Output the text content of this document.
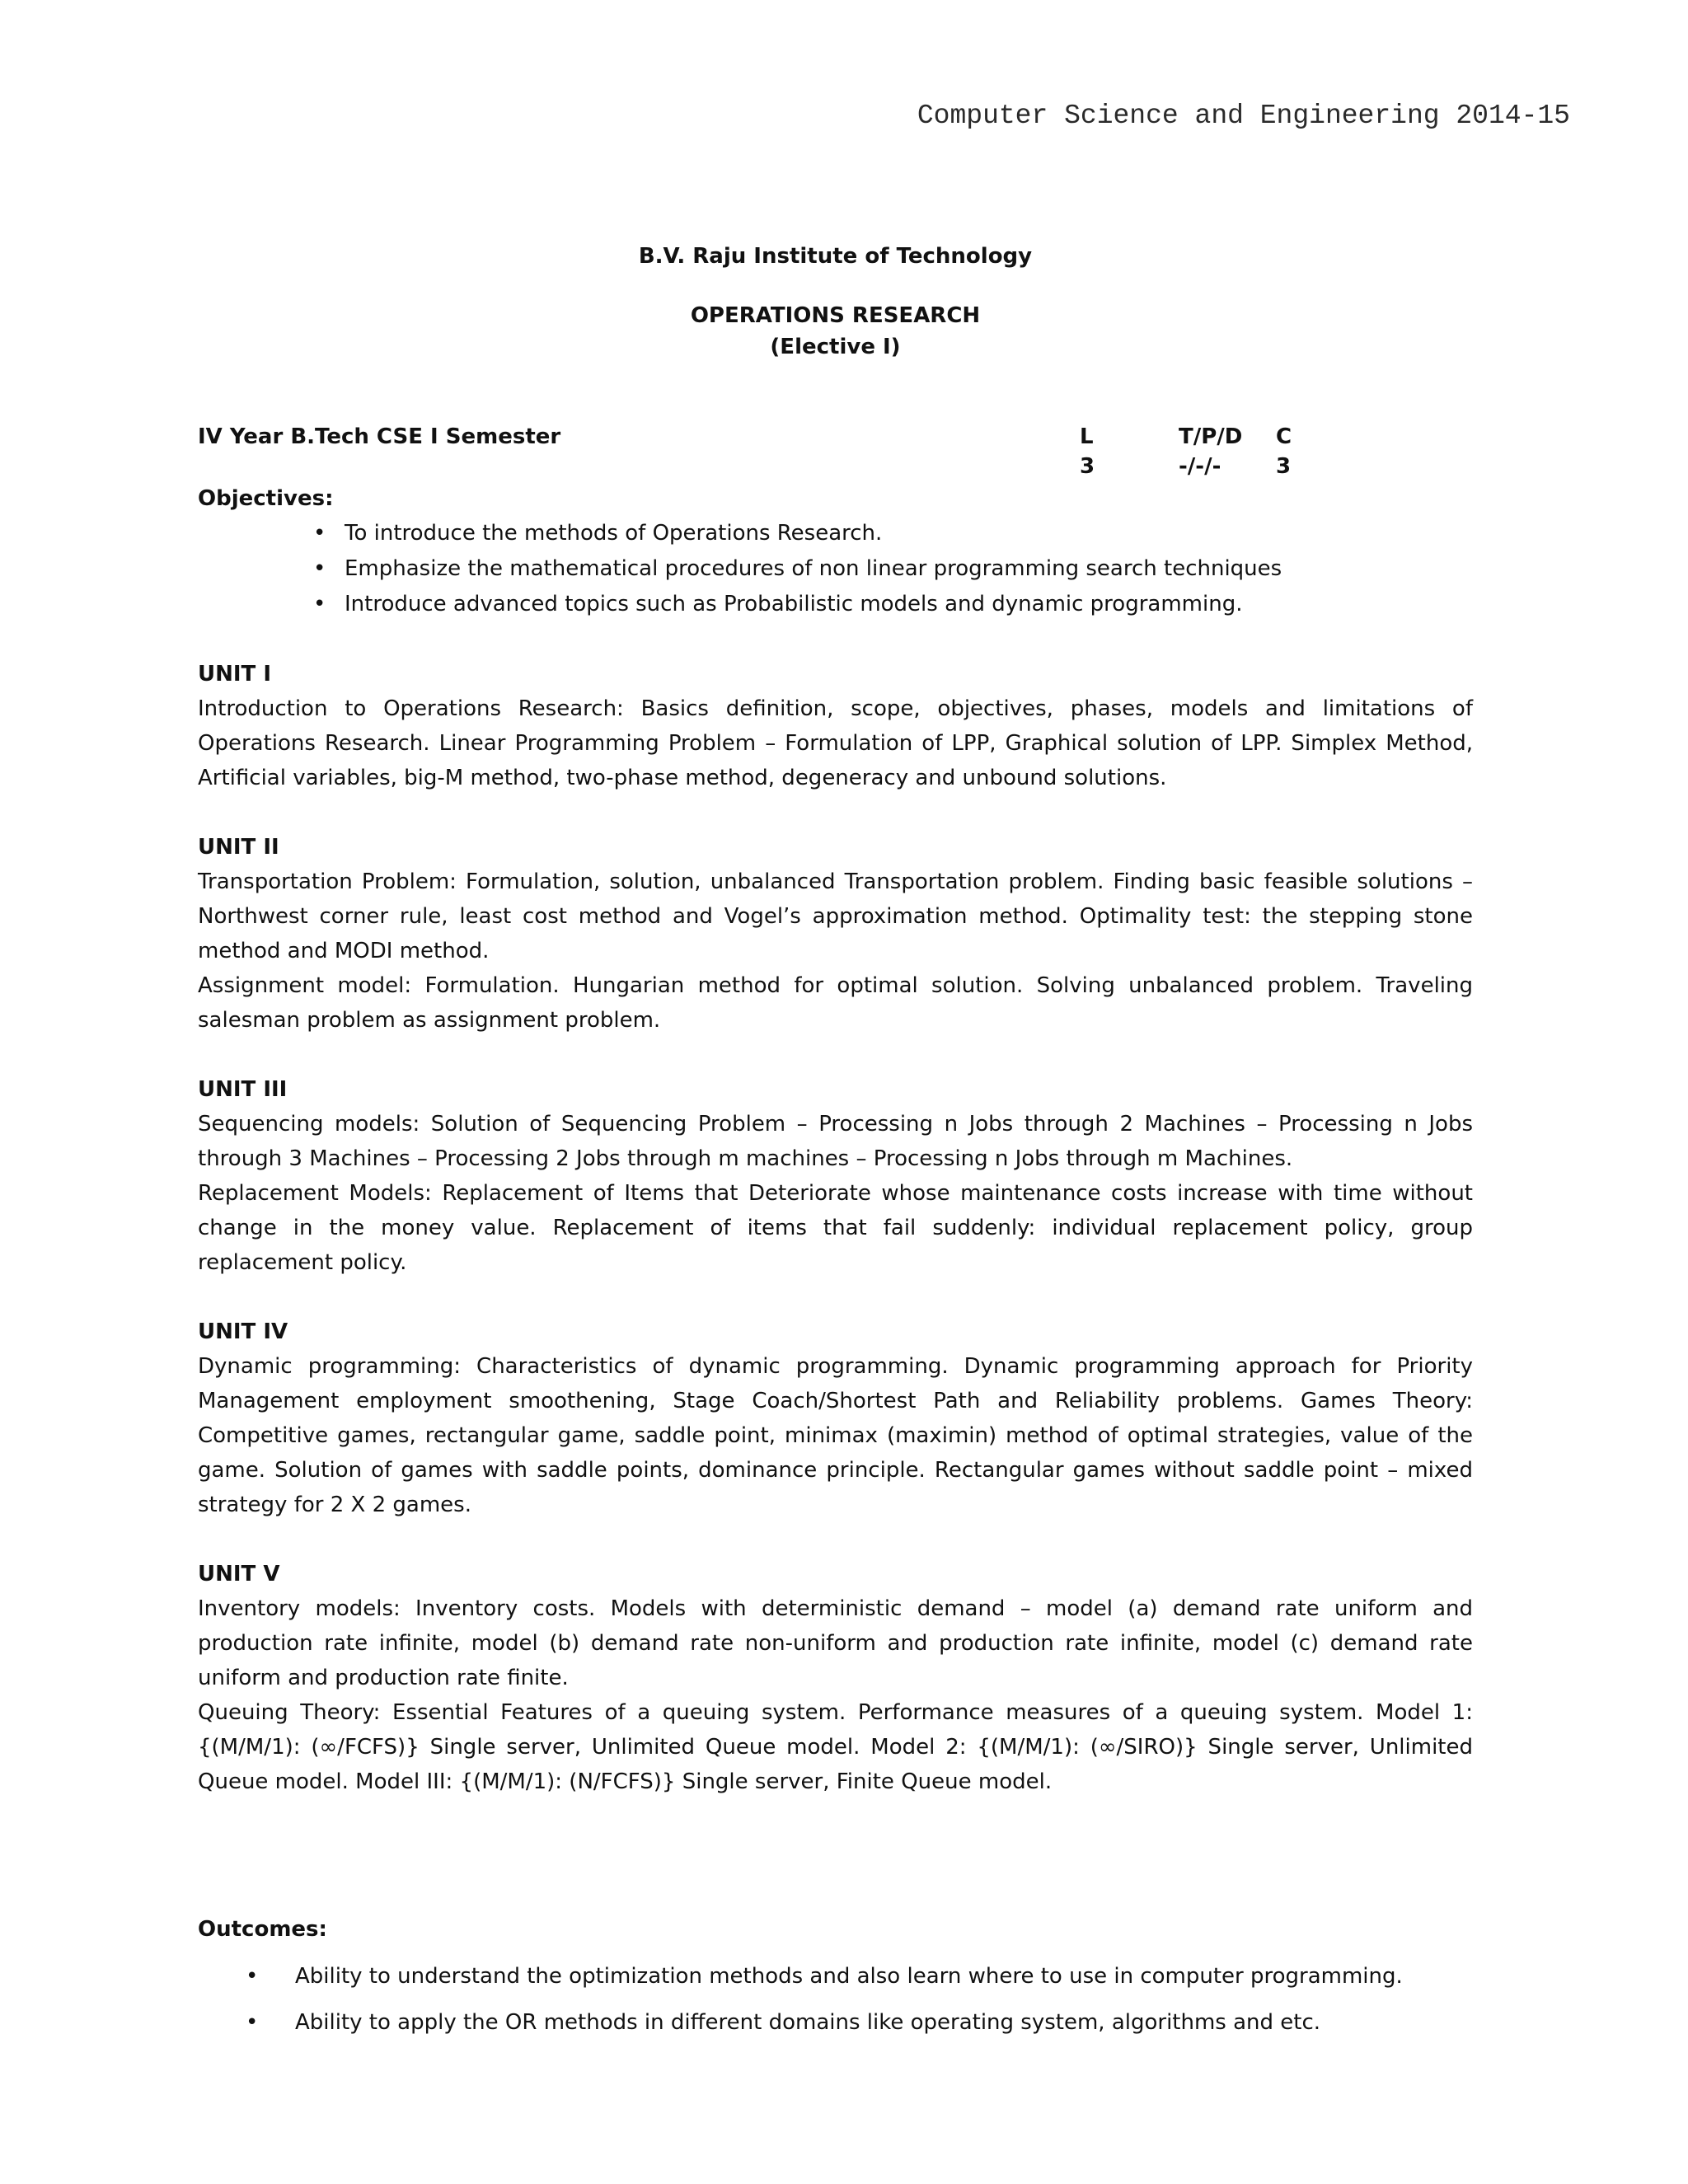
Computer Science and Engineering 2014-15
B.V. Raju Institute of Technology
OPERATIONS RESEARCH
(Elective I)
IV Year B.Tech CSE I Semester	L
3
T/P/D
-/-/-
C
3
Objectives:
• To introduce the methods of Operations Research.
• Emphasize the mathematical procedures of non linear programming search techniques
• Introduce advanced topics such as Probabilistic models and dynamic programming.
UNIT I

Introduction to Operations Research: Basics definition, scope, objectives, phases, models and limitations of Operations Research. Linear Programming Problem – Formulation of LPP, Graphical solution of LPP. Simplex Method, Artificial variables, big-M method, two-phase method, degeneracy and unbound solutions.

UNIT II

Transportation Problem: Formulation, solution, unbalanced Transportation problem. Finding basic feasible solutions – Northwest corner rule, least cost method and Vogel’s approximation method. Optimality test: the stepping stone method and MODI method.

Assignment model: Formulation. Hungarian method for optimal solution. Solving unbalanced problem. Traveling salesman problem as assignment problem.

UNIT III

Sequencing models: Solution of Sequencing Problem – Processing n Jobs through 2 Machines – Processing n Jobs through 3 Machines – Processing 2 Jobs through m machines – Processing n Jobs through m Machines.

Replacement Models: Replacement of Items that Deteriorate whose maintenance costs increase with time without change in the money value. Replacement of items that fail suddenly: individual replacement policy, group replacement policy.

UNIT IV

Dynamic programming: Characteristics of dynamic programming. Dynamic programming approach for Priority Management employment smoothening, Stage Coach/Shortest Path and Reliability problems. Games Theory: Competitive games, rectangular game, saddle point, minimax (maximin) method of optimal strategies, value of the game. Solution of games with saddle points, dominance principle. Rectangular games without saddle point – mixed strategy for 2 X 2 games.

UNIT V

Inventory models: Inventory costs. Models with deterministic demand – model (a) demand rate uniform and production rate infinite, model (b) demand rate non-uniform and production rate infinite, model (c) demand rate uniform and production rate finite.

Queuing Theory: Essential Features of a queuing system. Performance measures of a queuing system. Model 1: {(M/M/1): (∞/FCFS)} Single server, Unlimited Queue model. Model 2: {(M/M/1): (∞/SIRO)} Single server, Unlimited Queue model. Model III: {(M/M/1): (N/FCFS)} Single server, Finite Queue model.

Outcomes:
• Ability to understand the optimization methods and also learn where to use in computer programming.
• Ability to apply the OR methods in different domains like operating system, algorithms and etc.
